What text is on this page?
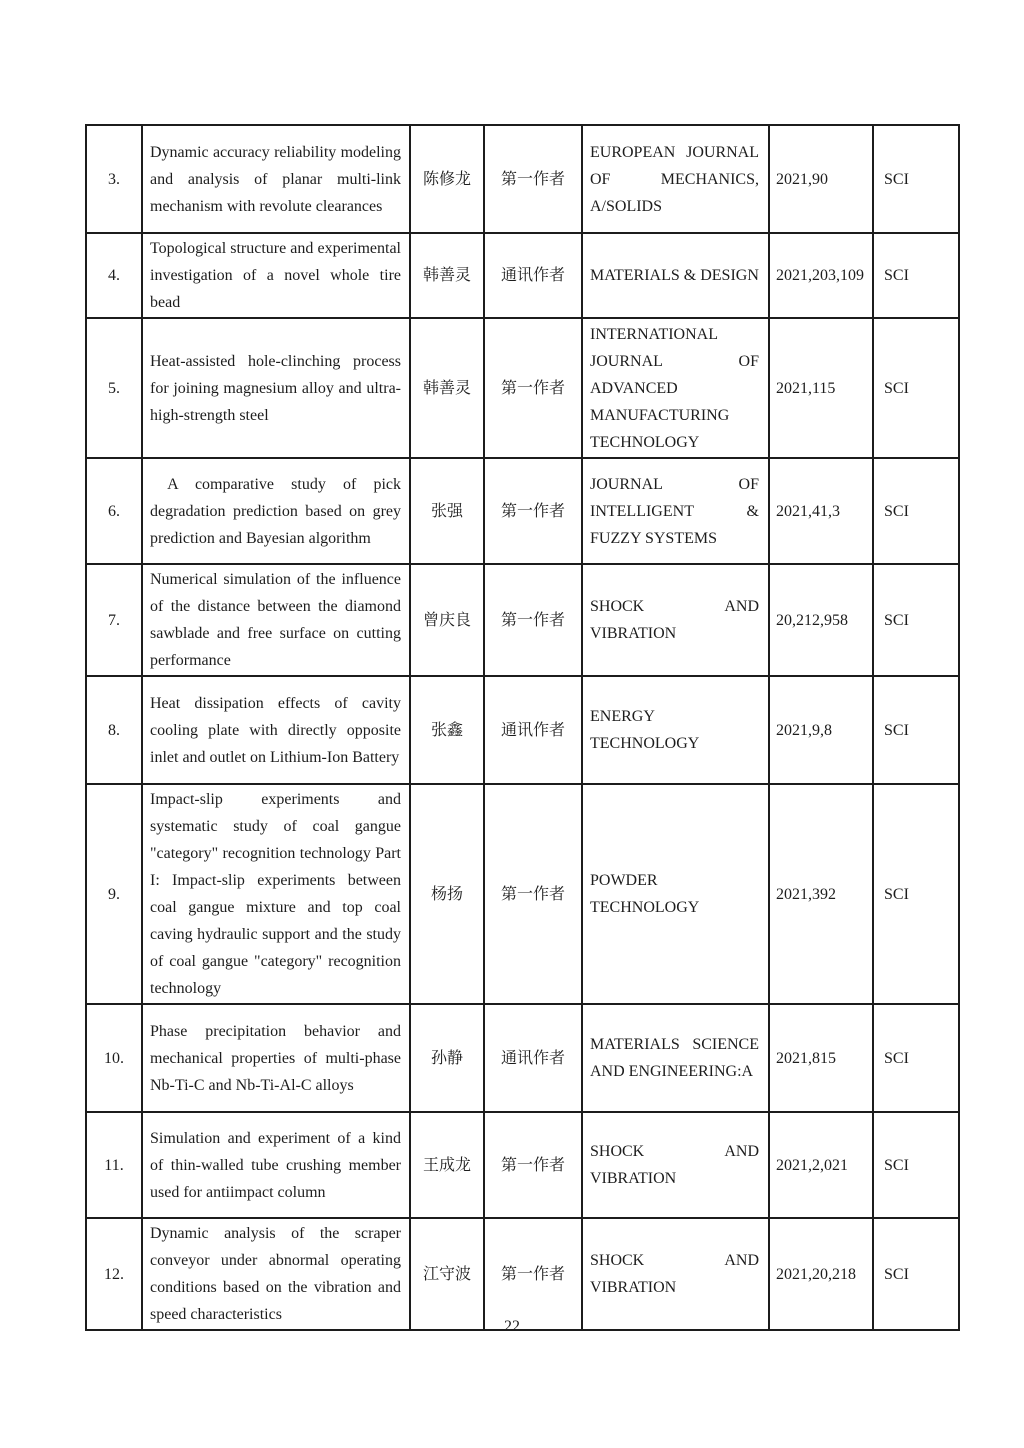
3.	Dynamic accuracy reliability modeling and analysis of planar multi-link mechanism with revolute clearances	陈修龙	第一作者	EUROPEAN JOURNAL OF MECHANICS, A/SOLIDS	2021,90	SCI
4.	Topological structure and experimental investigation of a novel whole tire bead	韩善灵	通讯作者	MATERIALS & DESIGN	2021,203,109	SCI
5.	Heat-assisted hole-clinching process for joining magnesium alloy and ultra-high-strength steel	韩善灵	第一作者	INTERNATIONAL JOURNAL OF ADVANCED MANUFACTURING TECHNOLOGY	2021,115	SCI
6.	A comparative study of pick degradation prediction based on grey prediction and Bayesian algorithm	张强	第一作者	JOURNAL OF INTELLIGENT & FUZZY SYSTEMS	2021,41,3	SCI
7.	Numerical simulation of the influence of the distance between the diamond sawblade and free surface on cutting performance	曾庆良	第一作者	SHOCK AND VIBRATION	20,212,958	SCI
8.	Heat dissipation effects of cavity cooling plate with directly opposite inlet and outlet on Lithium-Ion Battery	张鑫	通讯作者	ENERGY TECHNOLOGY	2021,9,8	SCI
9.	Impact-slip experiments and systematic study of coal gangue "category" recognition technology Part I: Impact-slip experiments between coal gangue mixture and top coal caving hydraulic support and the study of coal gangue "category" recognition technology	杨扬	第一作者	POWDER TECHNOLOGY	2021,392	SCI
10.	Phase precipitation behavior and mechanical properties of multi-phase Nb-Ti-C and Nb-Ti-Al-C alloys	孙静	通讯作者	MATERIALS SCIENCE AND ENGINEERING:A	2021,815	SCI
11.	Simulation and experiment of a kind of thin-walled tube crushing member used for antiimpact column	王成龙	第一作者	SHOCK AND VIBRATION	2021,2,021	SCI
12.	Dynamic analysis of the scraper conveyor under abnormal operating conditions based on the vibration and speed characteristics	江守波	第一作者	SHOCK AND VIBRATION	2021,20,218	SCI
22
